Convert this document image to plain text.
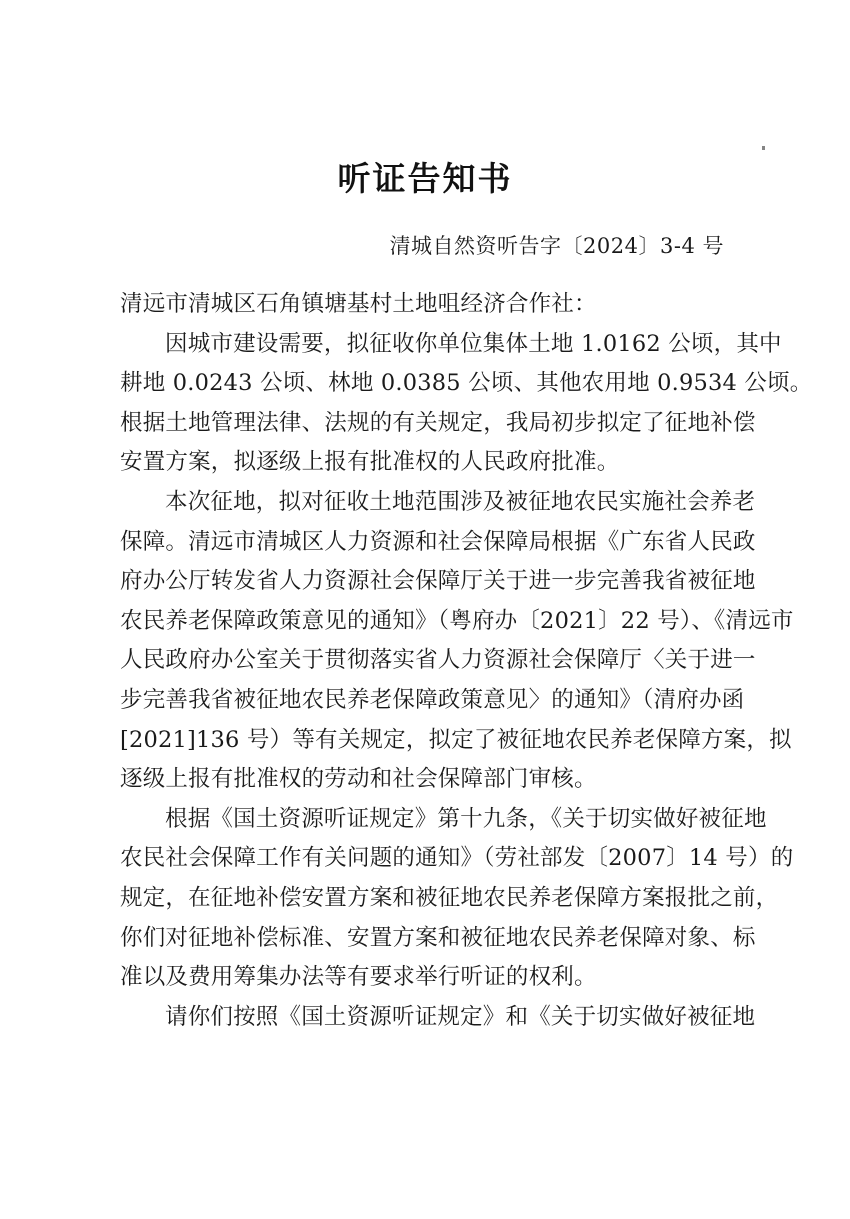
听证告知书
清城自然资听告字〔2024〕3-4 号
清远市清城区石角镇塘基村土地咀经济合作社：
因城市建设需要，拟征收你单位集体土地 1.0162 公顷，其中
耕地 0.0243 公顷、林地 0.0385 公顷、其他农用地 0.9534 公顷。
根据土地管理法律、法规的有关规定，我局初步拟定了征地补偿
安置方案，拟逐级上报有批准权的人民政府批准。
本次征地，拟对征收土地范围涉及被征地农民实施社会养老
保障。清远市清城区人力资源和社会保障局根据《广东省人民政
府办公厅转发省人力资源社会保障厅关于进一步完善我省被征地
农民养老保障政策意见的通知》（粤府办〔2021〕22 号）、《清远市
人民政府办公室关于贯彻落实省人力资源社会保障厅〈关于进一
步完善我省被征地农民养老保障政策意见〉的通知》（清府办函
[2021]136 号）等有关规定，拟定了被征地农民养老保障方案，拟
逐级上报有批准权的劳动和社会保障部门审核。
根据《国土资源听证规定》第十九条，《关于切实做好被征地
农民社会保障工作有关问题的通知》（劳社部发〔2007〕14 号）的
规定，在征地补偿安置方案和被征地农民养老保障方案报批之前，
你们对征地补偿标准、安置方案和被征地农民养老保障对象、标
准以及费用筹集办法等有要求举行听证的权利。
请你们按照《国土资源听证规定》和《关于切实做好被征地
